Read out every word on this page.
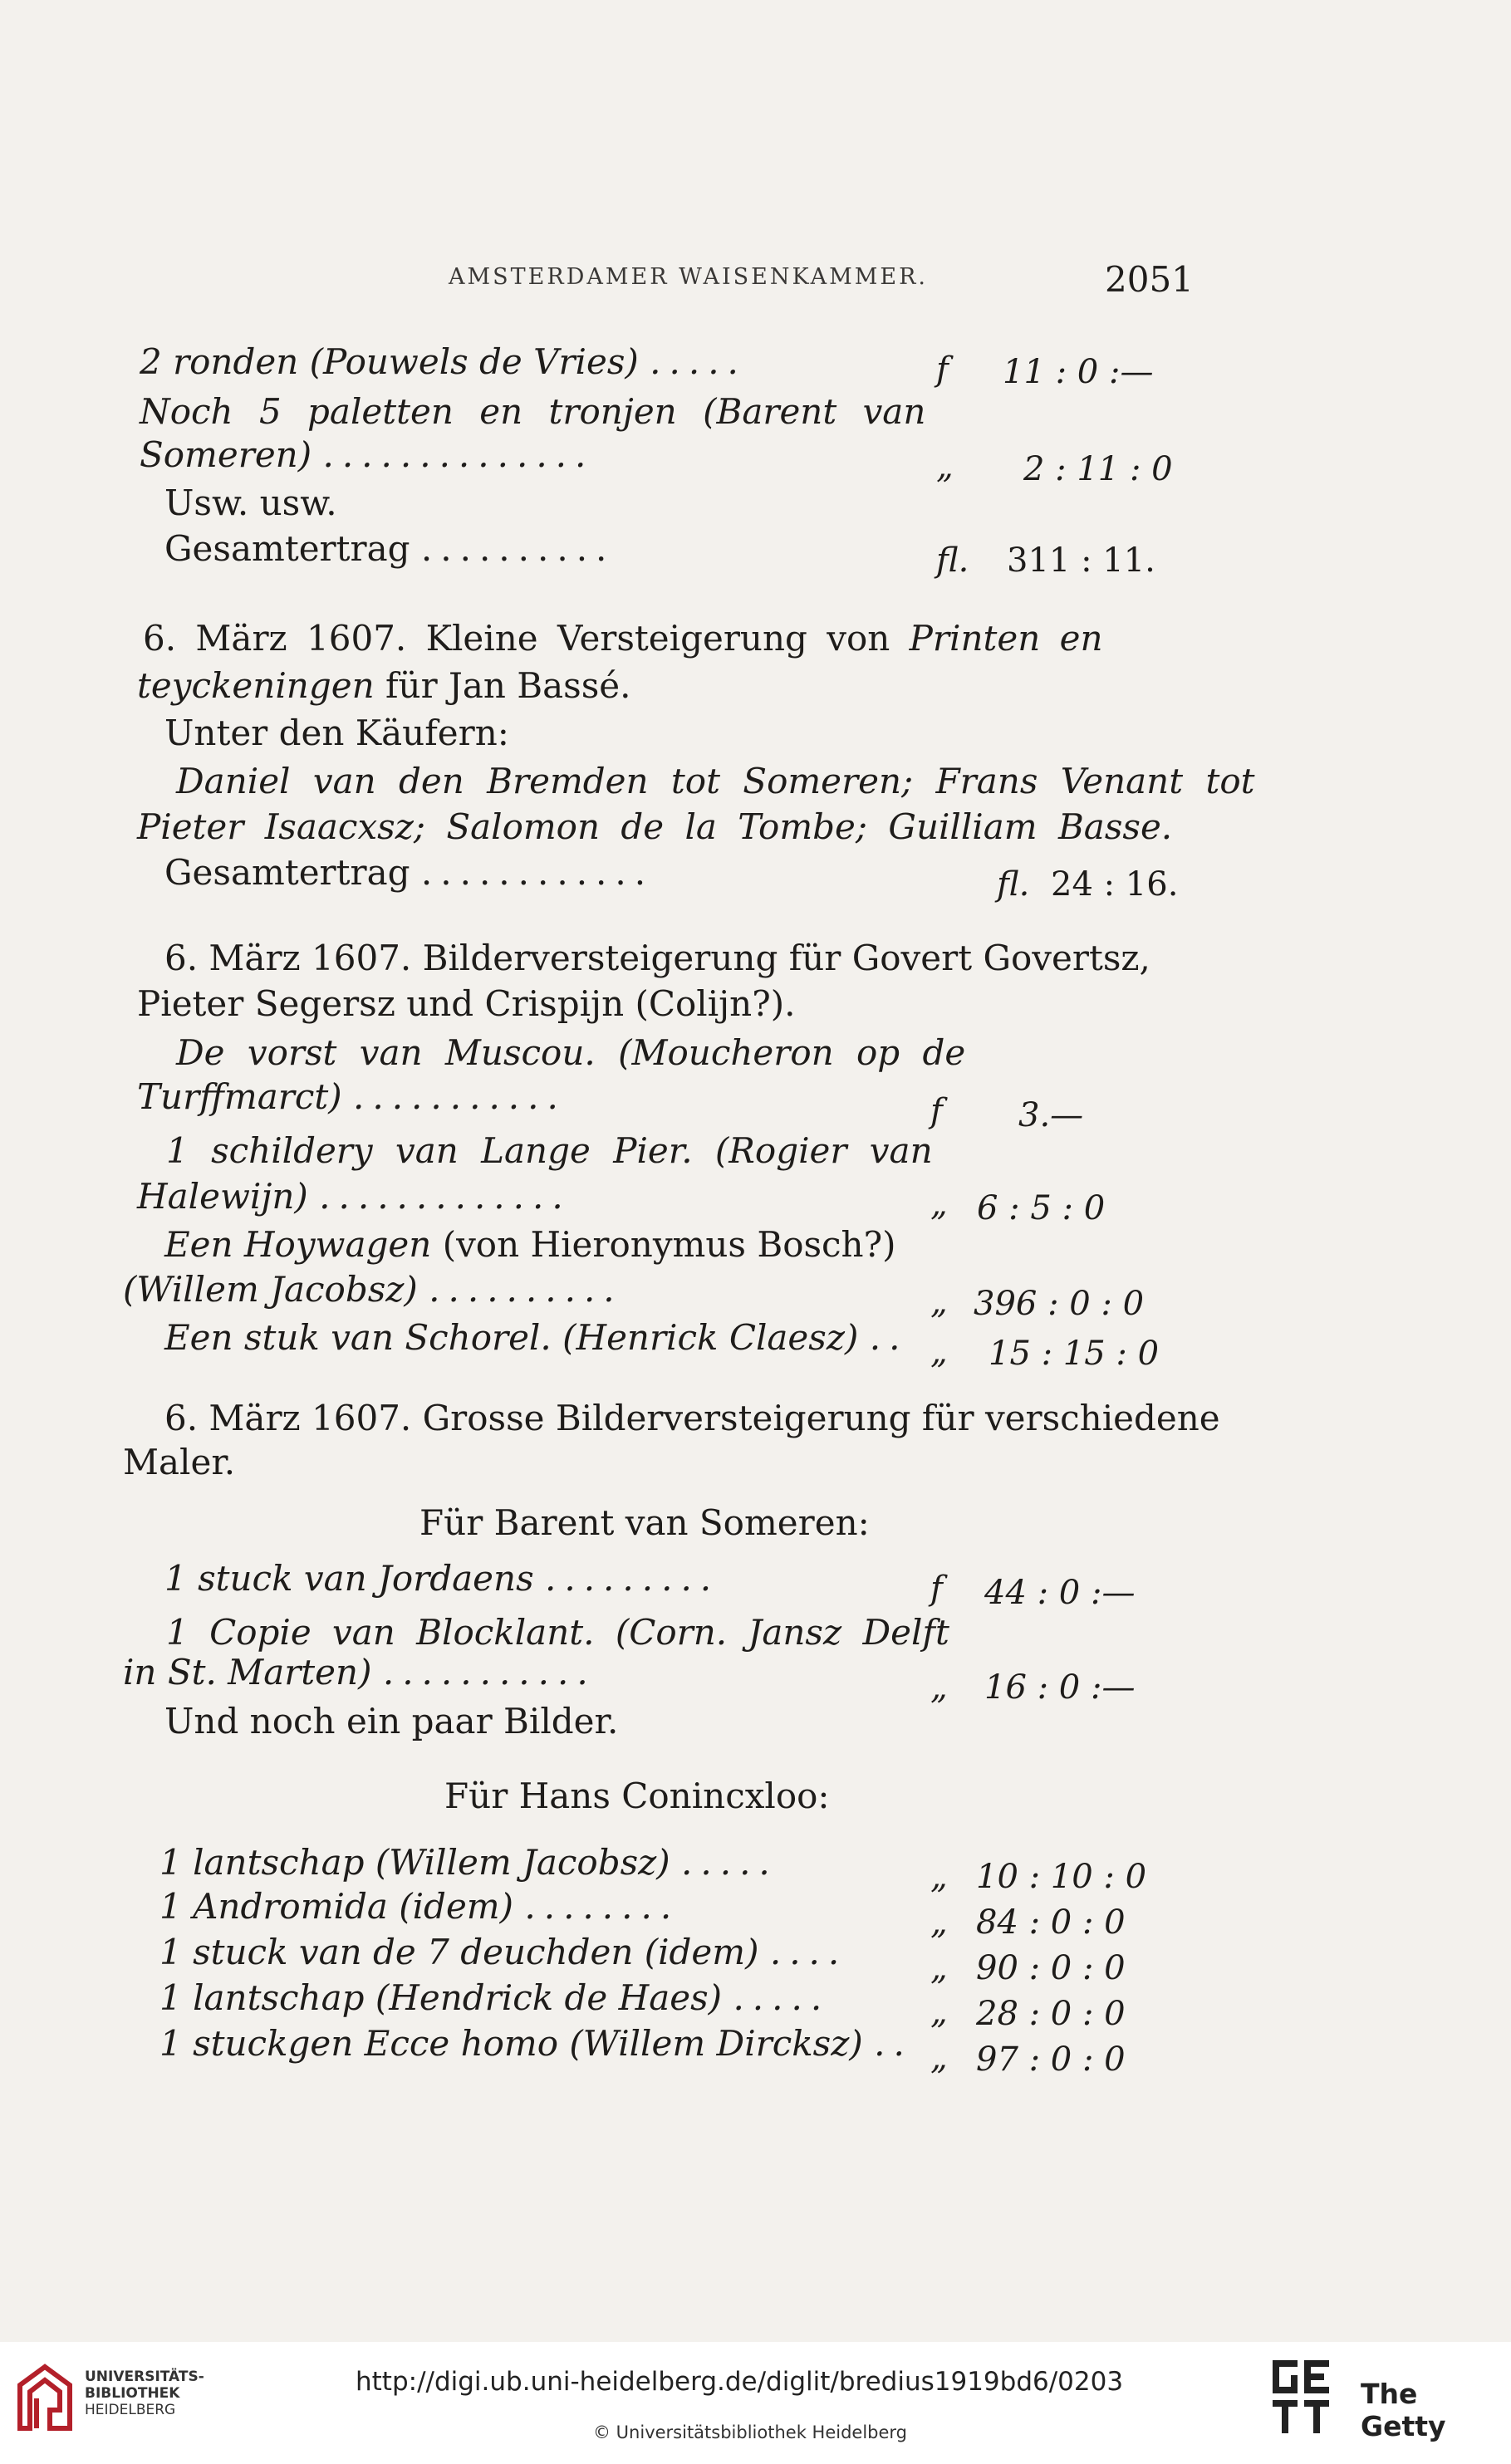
AMSTERDAMER WAISENKAMMER.	2051
2 ronden (Pouwels de Vries) .....	f 11 : 0 :—
Noch 5 paletten en tronjen (Barent van
Someren) ..............	„ 2 : 11 : 0
Usw. usw.
Gesamtertrag ..........	fl. 311 : 11.
6. März 1607. Kleine Versteigerung von Printen en
teyckeningen für Jan Bassé.
Unter den Käufern:
Daniel van den Bremden tot Someren; Frans Venant tot
Pieter Isaacxsz; Salomon de la Tombe; Guilliam Basse.
Gesamtertrag ............	fl. 24 : 16.
6. März 1607. Bilderversteigerung für Govert Govertsz,
Pieter Segersz und Crispijn (Colijn?).
De vorst van Muscou. (Moucheron op de
Turffmarct) ...........	f 3.—
1 schildery van Lange Pier. (Rogier van
Halewijn) .............	„ 6 : 5 : 0
Een Hoywagen (von Hieronymus Bosch?)
(Willem Jacobsz) ..........	„ 396 : 0 : 0
Een stuk van Schorel. (Henrick Claesz) .. „ 15 : 15 : 0
6. März 1607. Grosse Bilderversteigerung für verschiedene
Maler.
Für Barent van Someren:
1 stuck van Jordaens .........	f 44 : 0 :—
1 Copie van Blocklant. (Corn. Jansz Delft
in St. Marten) ...........	„ 16 : 0 :—
Und noch ein paar Bilder.
Für Hans Conincxloo:
1 lantschap (Willem Jacobsz) .....	„ 10 : 10 : 0
1 Andromida (idem) ........	„ 84 : 0 : 0
1 stuck van de 7 deuchden (idem) .... „ 90 : 0 : 0
1 lantschap (Hendrick de Haes) .....	„ 28 : 0 : 0
1 stuckgen Ecce homo (Willem Dircksz) .. „ 97 : 0 : 0
UNIVERSITÄTS-
BIBLIOTHEK
HEIDELBERG
http://digi.ub.uni-heidelberg.de/diglit/bredius1919bd6/0203
© Universitätsbibliothek Heidelberg
The Getty
